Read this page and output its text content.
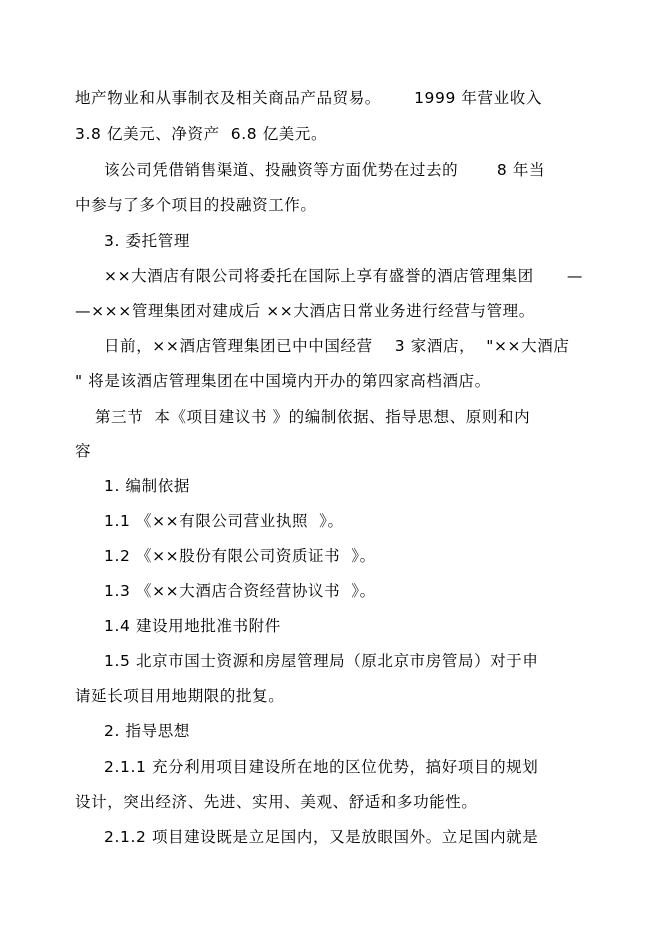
地产物业和从事制衣及相关商品产品贸易。      1999 年营业收入
3.8 亿美元、净资产  6.8 亿美元。
该公司凭借销售渠道、投融资等方面优势在过去的       8 年当
中参与了多个项目的投融资工作。
3. 委托管理
××大酒店有限公司将委托在国际上享有盛誉的酒店管理集团      —
—×××管理集团对建成后 ××大酒店日常业务进行经营与管理。
日前，××酒店管理集团已中中国经营    3 家酒店，  "××大酒店
" 将是该酒店管理集团在中国境内开办的第四家高档酒店。
第三节  本《项目建议书 》的编制依据、指导思想、原则和内
容
1. 编制依据
1.1 《××有限公司营业执照  》。
1.2 《××股份有限公司资质证书  》。
1.3 《××大酒店合资经营协议书  》。
1.4 建设用地批准书附件
1.5 北京市国士资源和房屋管理局（原北京市房管局）对于申
请延长项目用地期限的批复。
2. 指导思想
2.1.1 充分利用项目建设所在地的区位优势，搞好项目的规划
设计，突出经济、先进、实用、美观、舒适和多功能性。
2.1.2 项目建设既是立足国内，又是放眼国外。立足国内就是
